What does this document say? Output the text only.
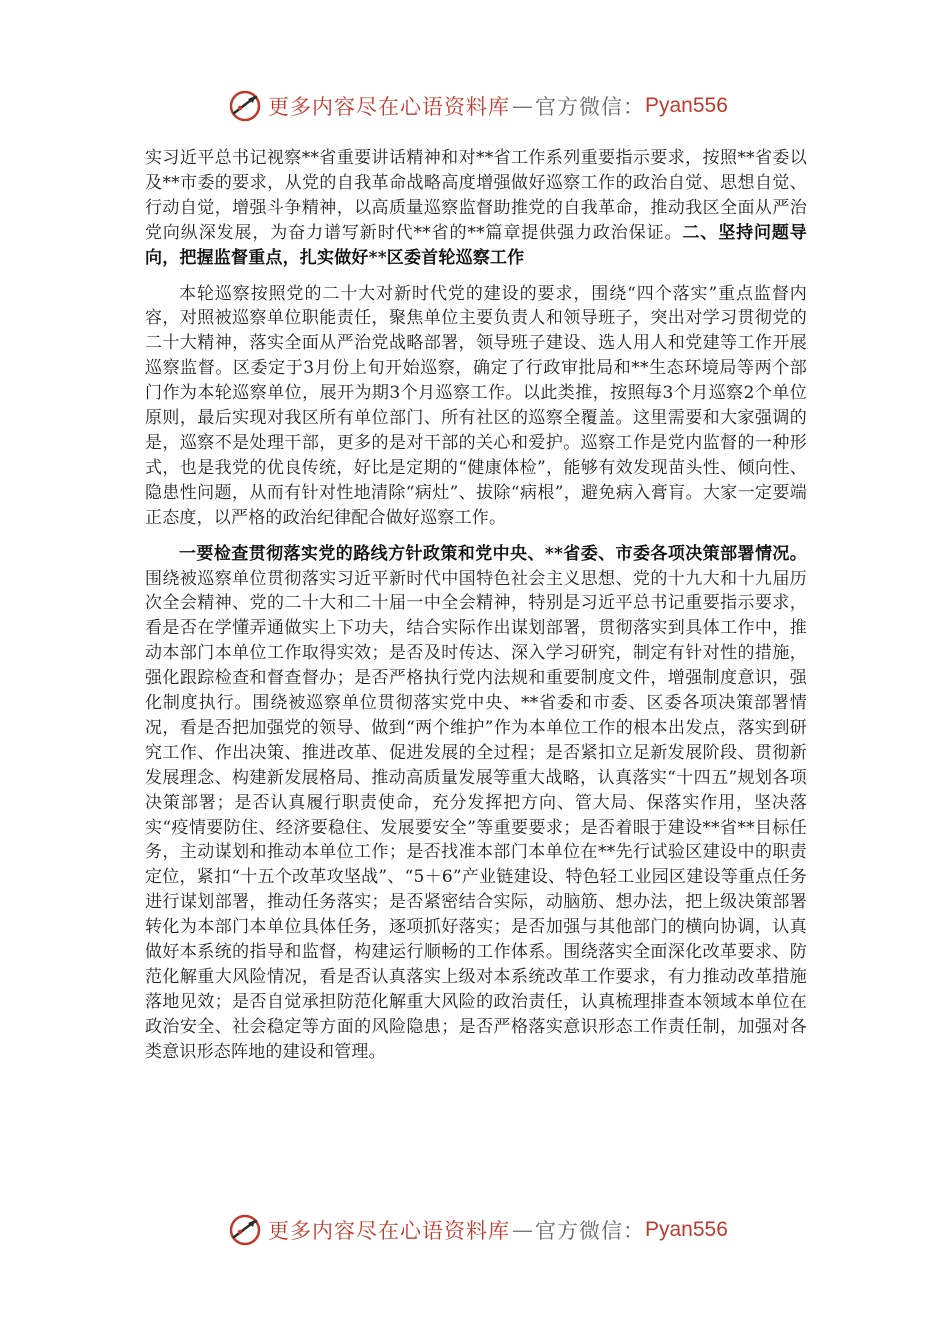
更多内容尽在心语资料库 — 官方微信： Pyan556

实习近平总书记视察**省重要讲话精神和对**省工作系列重要指示要求，按照**省委以及**市委的要求，从党的自我革命战略高度增强做好巡察工作的政治自觉、思想自觉、行动自觉，增强斗争精神，以高质量巡察监督助推党的自我革命，推动我区全面从严治党向纵深发展，为奋力谱写新时代**省的**篇章提供强力政治保证。二、坚持问题导向，把握监督重点，扎实做好**区委首轮巡察工作

本轮巡察按照党的二十大对新时代党的建设的要求，围绕“四个落实”重点监督内容，对照被巡察单位职能责任，聚焦单位主要负责人和领导班子，突出对学习贯彻党的二十大精神，落实全面从严治党战略部署，领导班子建设、选人用人和党建等工作开展巡察监督。区委定于3月份上旬开始巡察，确定了行政审批局和**生态环境局等两个部门作为本轮巡察单位，展开为期3个月巡察工作。以此类推，按照每3个月巡察2个单位原则，最后实现对我区所有单位部门、所有社区的巡察全覆盖。这里需要和大家强调的是，巡察不是处理干部，更多的是对干部的关心和爱护。巡察工作是党内监督的一种形式，也是我党的优良传统，好比是定期的“健康体检”，能够有效发现苗头性、倾向性、隐患性问题，从而有针对性地清除“病灶”、拔除“病根”，避免病入膏肓。大家一定要端正态度，以严格的政治纪律配合做好巡察工作。

一要检查贯彻落实党的路线方针政策和党中央、**省委、市委各项决策部署情况。围绕被巡察单位贯彻落实习近平新时代中国特色社会主义思想、党的十九大和十九届历次全会精神、党的二十大和二十届一中全会精神，特别是习近平总书记重要指示要求，看是否在学懂弄通做实上下功夫，结合实际作出谋划部署，贯彻落实到具体工作中，推动本部门本单位工作取得实效；是否及时传达、深入学习研究，制定有针对性的措施，强化跟踪检查和督查督办；是否严格执行党内法规和重要制度文件，增强制度意识，强化制度执行。围绕被巡察单位贯彻落实党中央、**省委和市委、区委各项决策部署情况，看是否把加强党的领导、做到“两个维护”作为本单位工作的根本出发点，落实到研究工作、作出决策、推进改革、促进发展的全过程；是否紧扣立足新发展阶段、贯彻新发展理念、构建新发展格局、推动高质量发展等重大战略，认真落实“十四五”规划各项决策部署；是否认真履行职责使命，充分发挥把方向、管大局、保落实作用，坚决落实“疫情要防住、经济要稳住、发展要安全”等重要要求；是否着眼于建设**省**目标任务，主动谋划和推动本单位工作；是否找准本部门本单位在**先行试验区建设中的职责定位，紧扣“十五个改革攻坚战”、“5＋6”产业链建设、特色轻工业园区建设等重点任务进行谋划部署，推动任务落实；是否紧密结合实际，动脑筋、想办法，把上级决策部署转化为本部门本单位具体任务，逐项抓好落实；是否加强与其他部门的横向协调，认真做好本系统的指导和监督，构建运行顺畅的工作体系。围绕落实全面深化改革要求、防范化解重大风险情况，看是否认真落实上级对本系统改革工作要求，有力推动改革措施落地见效；是否自觉承担防范化解重大风险的政治责任，认真梳理排查本领域本单位在政治安全、社会稳定等方面的风险隐患；是否严格落实意识形态工作责任制，加强对各类意识形态阵地的建设和管理。

更多内容尽在心语资料库 — 官方微信： Pyan556
